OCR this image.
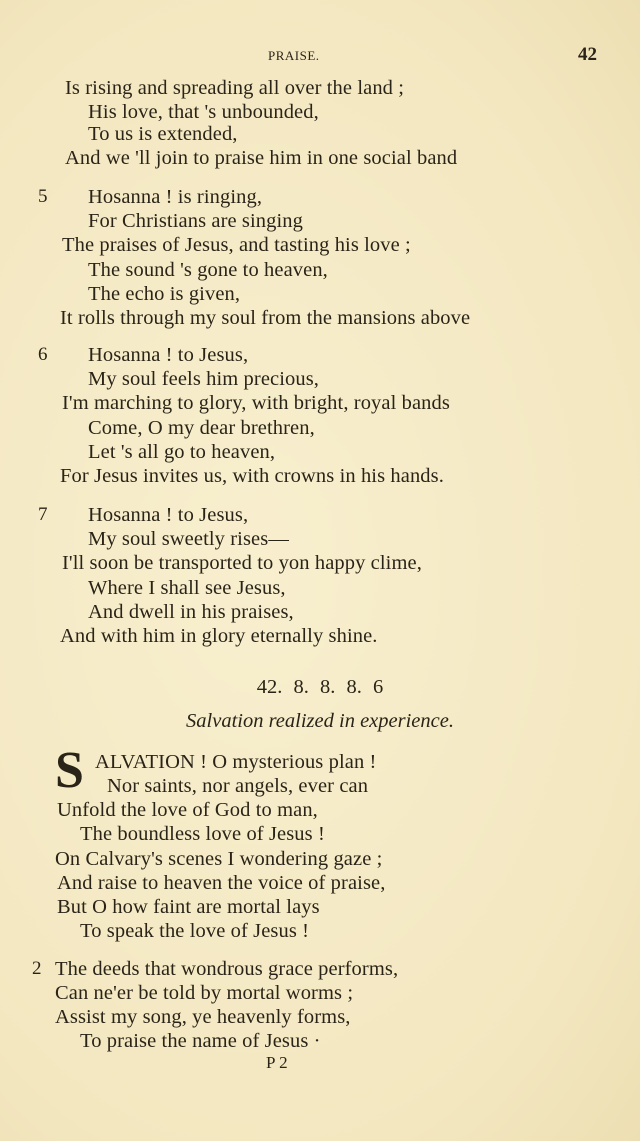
PRAISE.	42
Is rising and spreading all over the land ;
His love, that 's unbounded,
To us is extended,
And we 'll join to praise him in one social band
5 Hosanna ! is ringing,
For Christians are singing
The praises of Jesus, and tasting his love ;
The sound 's gone to heaven,
The echo is given,
It rolls through my soul from the mansions above
6 Hosanna ! to Jesus,
My soul feels him precious,
I'm marching to glory, with bright, royal bands
Come, O my dear brethren,
Let 's all go to heaven,
For Jesus invites us, with crowns in his hands.
7 Hosanna ! to Jesus,
My soul sweetly rises—
I'll soon be transported to yon happy clime,
Where I shall see Jesus,
And dwell in his praises,
And with him in glory eternally shine.
ALVATION ! O mysterious plan !
Nor saints, nor angels, ever can
Unfold the love of God to man,
The boundless love of Jesus !
On Calvary's scenes I wondering gaze ;
And raise to heaven the voice of praise,
But O how faint are mortal lays
To speak the love of Jesus !
2 The deeds that wondrous grace performs,
Can ne'er be told by mortal worms ;
Assist my song, ye heavenly forms,
To praise the name of Jesus ·
42. 8. 8. 8. 6
Salvation realized in experience.
S
P 2
